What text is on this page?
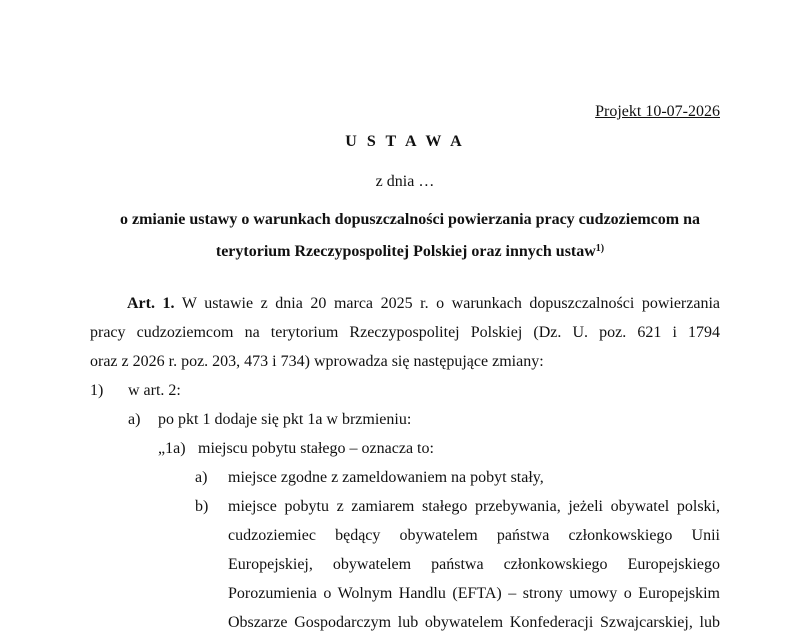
Projekt 10-07-2026
U S T A W A
z dnia …
o zmianie ustawy o warunkach dopuszczalności powierzania pracy cudzoziemcom na
terytorium Rzeczypospolitej Polskiej oraz innych ustaw$^{1)}$
Art. 1. W ustawie z dnia 20 marca 2025 r. o warunkach dopuszczalności powierzania
pracy cudzoziemcom na terytorium Rzeczypospolitej Polskiej (Dz. U. poz. 621 i 1794
oraz z 2026 r. poz. 203, 473 i 734) wprowadza się następujące zmiany:
1) w art. 2:
a) po pkt 1 dodaje się pkt 1a w brzmieniu:
„1a) miejscu pobytu stałego – oznacza to:
a) miejsce zgodne z zameldowaniem na pobyt stały,
b) miejsce pobytu z zamiarem stałego przebywania, jeżeli obywatel polski,
cudzoziemiec będący obywatelem państwa członkowskiego Unii
Europejskiej, obywatelem państwa członkowskiego Europejskiego
Porozumienia o Wolnym Handlu (EFTA) – strony umowy o Europejskim
Obszarze Gospodarczym lub obywatelem Konfederacji Szwajcarskiej, lub
